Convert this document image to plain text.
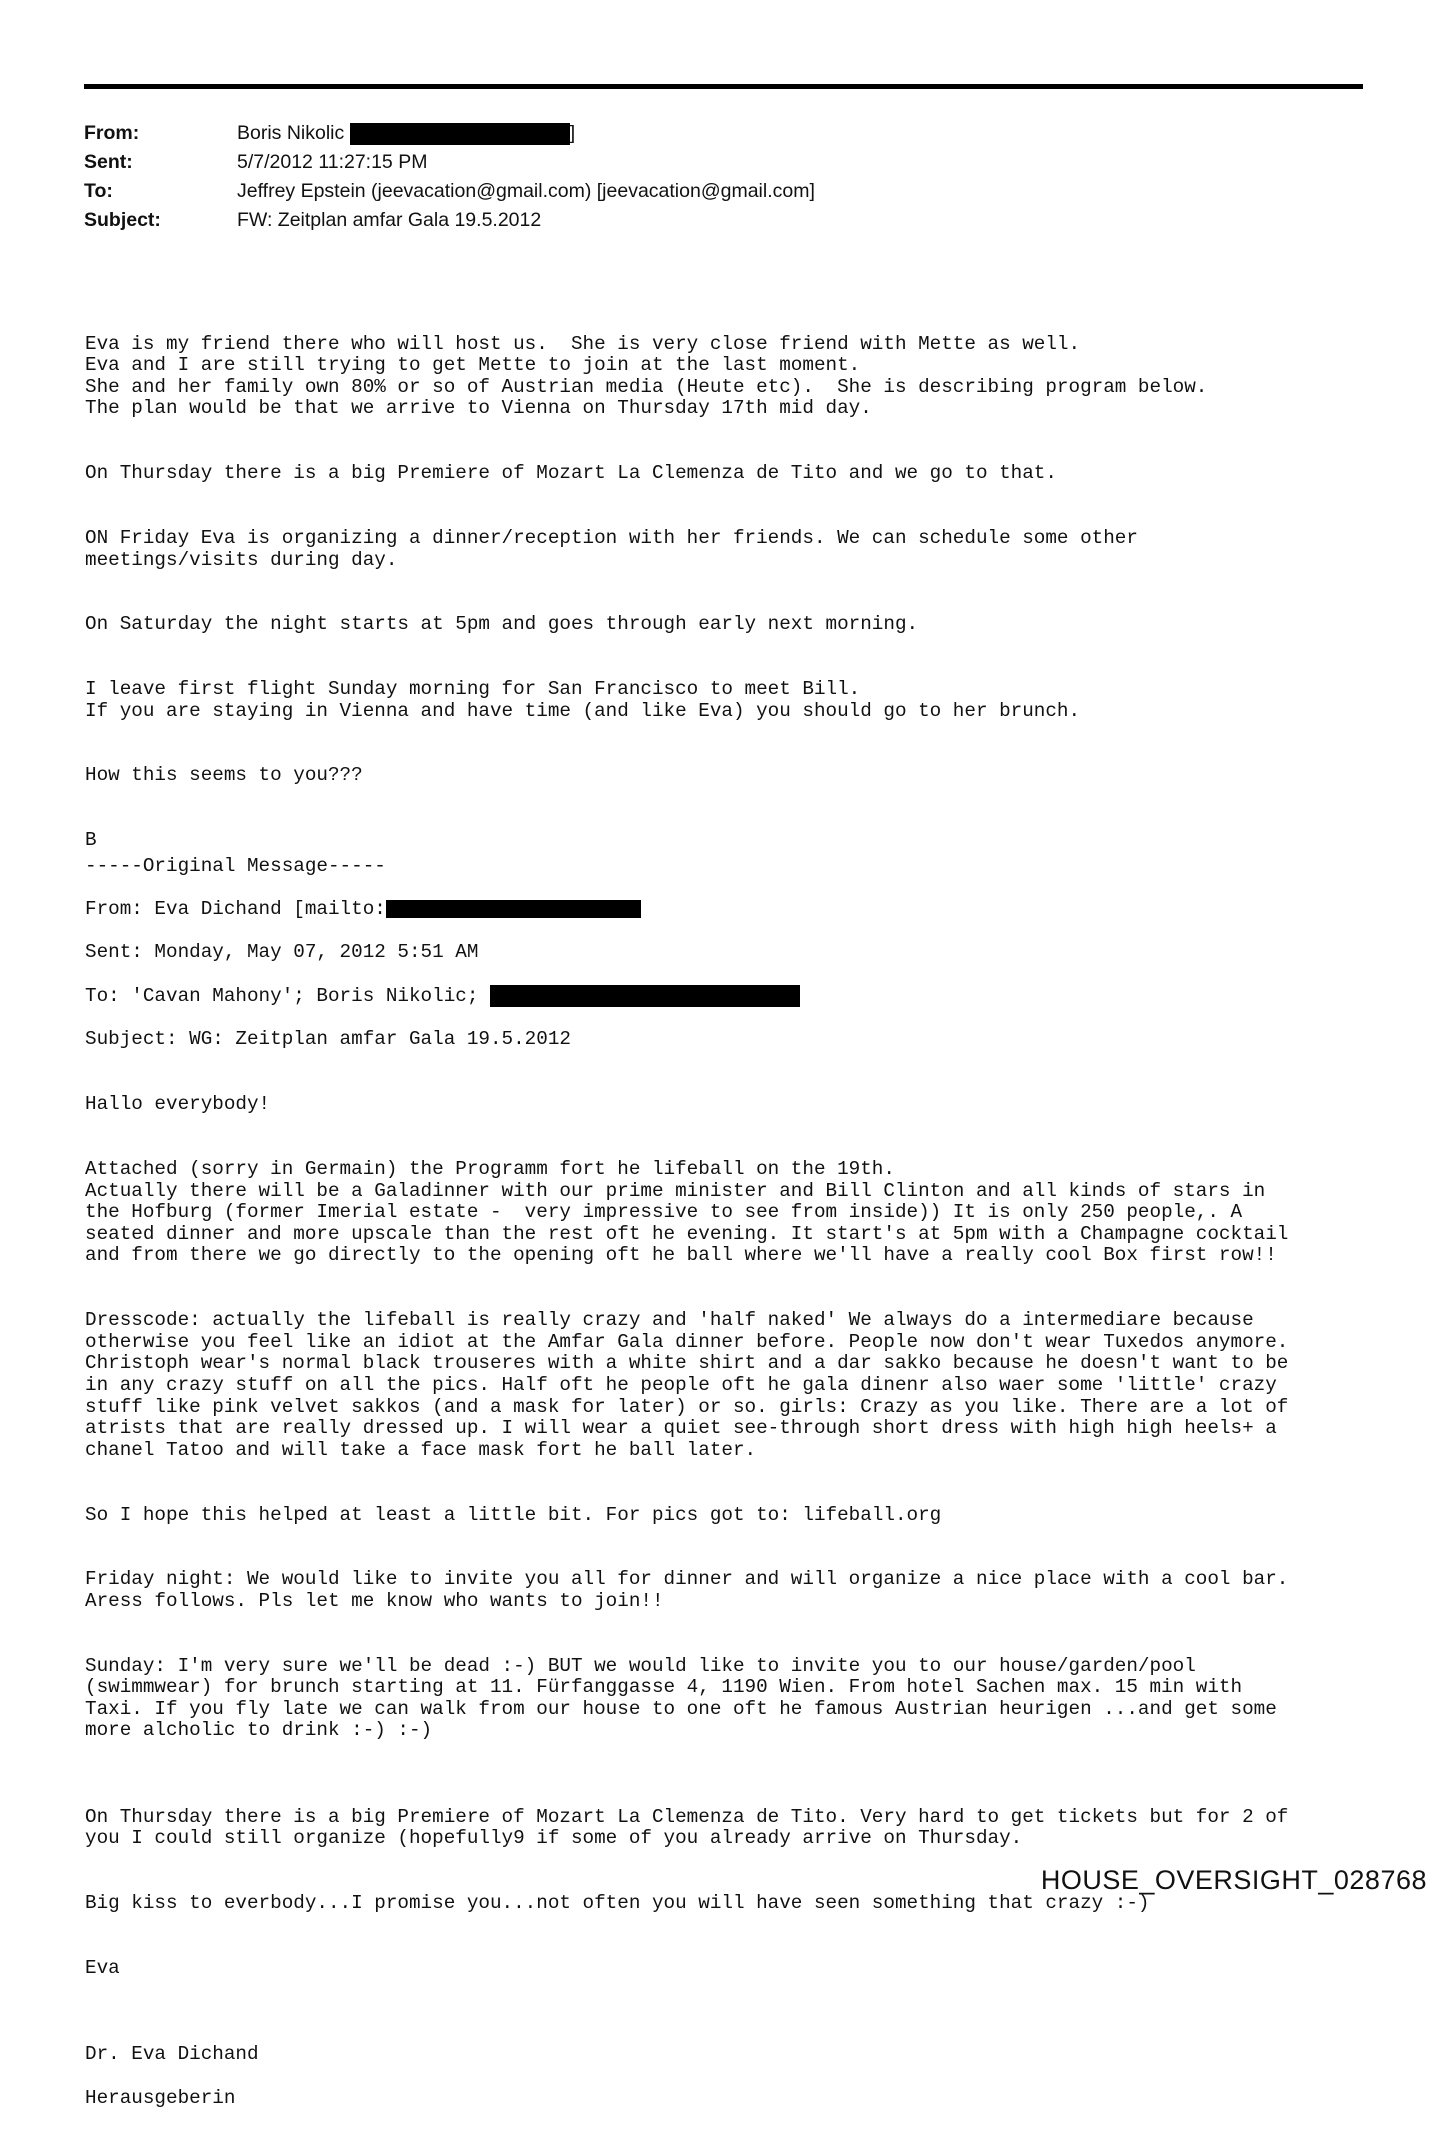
From:	Boris Nikolic	]
Sent:	5/7/2012 11:27:15 PM
To:	Jeffrey Epstein (jeevacation@gmail.com) [jeevacation@gmail.com]
Subject:	FW: Zeitplan amfar Gala 19.5.2012

Eva is my friend there who will host us.  She is very close friend with Mette as well.
Eva and I are still trying to get Mette to join at the last moment.
She and her family own 80% or so of Austrian media (Heute etc).  She is describing program below.
The plan would be that we arrive to Vienna on Thursday 17th mid day.

On Thursday there is a big Premiere of Mozart La Clemenza de Tito and we go to that.

ON Friday Eva is organizing a dinner/reception with her friends. We can schedule some other
meetings/visits during day.

On Saturday the night starts at 5pm and goes through early next morning.

I leave first flight Sunday morning for San Francisco to meet Bill.
If you are staying in Vienna and have time (and like Eva) you should go to her brunch.

How this seems to you???

B

-----Original Message-----

From: Eva Dichand [mailto:

Sent: Monday, May 07, 2012 5:51 AM

To: 'Cavan Mahony'; Boris Nikolic;

Subject: WG: Zeitplan amfar Gala 19.5.2012

Hallo everybody!

Attached (sorry in Germain) the Programm fort he lifeball on the 19th.
Actually there will be a Galadinner with our prime minister and Bill Clinton and all kinds of stars in
the Hofburg (former Imerial estate -  very impressive to see from inside)) It is only 250 people,. A
seated dinner and more upscale than the rest oft he evening. It start's at 5pm with a Champagne cocktail
and from there we go directly to the opening oft he ball where we'll have a really cool Box first row!!

Dresscode: actually the lifeball is really crazy and 'half naked' We always do a intermediare because
otherwise you feel like an idiot at the Amfar Gala dinner before. People now don't wear Tuxedos anymore.
Christoph wear's normal black trouseres with a white shirt and a dar sakko because he doesn't want to be
in any crazy stuff on all the pics. Half oft he people oft he gala dinenr also waer some 'little' crazy
stuff like pink velvet sakkos (and a mask for later) or so. girls: Crazy as you like. There are a lot of
atrists that are really dressed up. I will wear a quiet see-through short dress with high high heels+ a
chanel Tatoo and will take a face mask fort he ball later.

So I hope this helped at least a little bit. For pics got to: lifeball.org

Friday night: We would like to invite you all for dinner and will organize a nice place with a cool bar.
Aress follows. Pls let me know who wants to join!!

Sunday: I'm very sure we'll be dead :-) BUT we would like to invite you to our house/garden/pool
(swimmwear) for brunch starting at 11. Fürfanggasse 4, 1190 Wien. From hotel Sachen max. 15 min with
Taxi. If you fly late we can walk from our house to one oft he famous Austrian heurigen ...and get some
more alcholic to drink :-) :-)

On Thursday there is a big Premiere of Mozart La Clemenza de Tito. Very hard to get tickets but for 2 of
you I could still organize (hopefully9 if some of you already arrive on Thursday.

Big kiss to everbody...I promise you...not often you will have seen something that crazy :-)

Eva

Dr. Eva Dichand

Herausgeberin

HOUSE_OVERSIGHT_028768
